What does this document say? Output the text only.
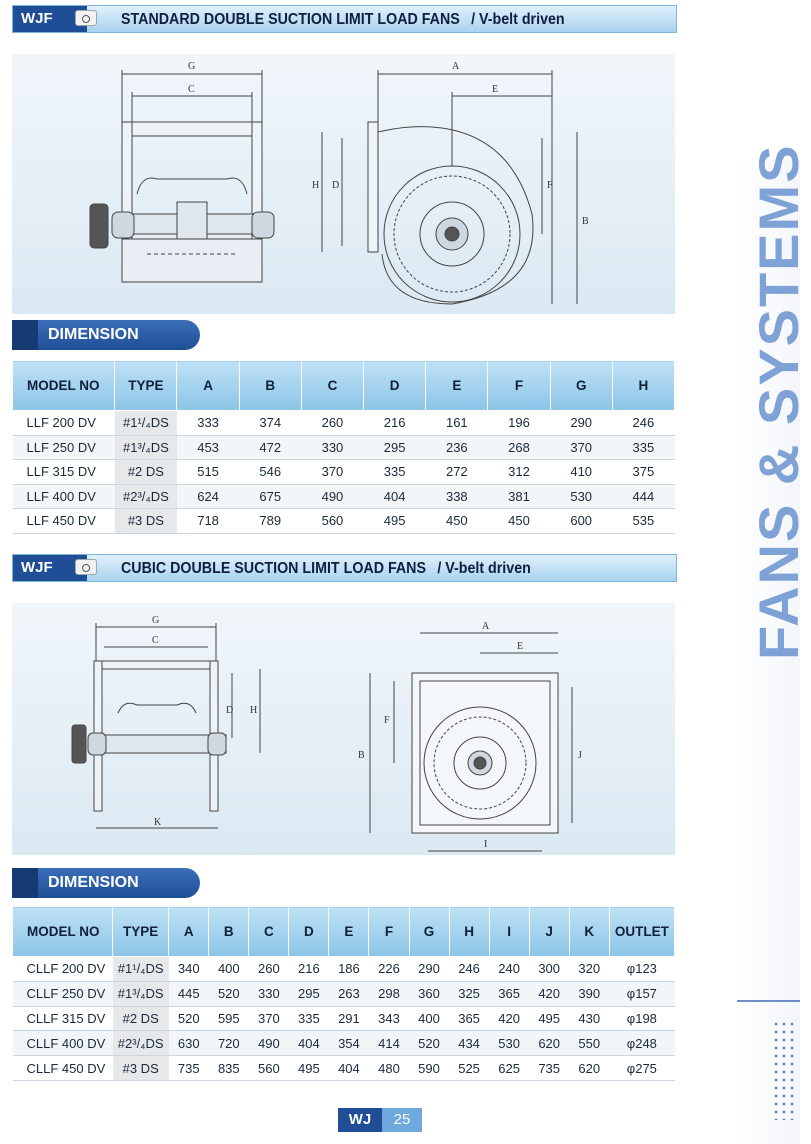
WJF	STANDARD DOUBLE SUCTION LIMIT LOAD FANS / V-belt driven
G
C
A
E
H D	F
B
DIMENSION
MODEL NO	TYPE	A	B	C	D	E	F	G	H
LLF 200 DV	#1¹/₄DS	333	374	260	216	161	196	290	246
LLF 250 DV	#1³/₄DS	453	472	330	295	236	268	370	335
LLF 315 DV	#2 DS	515	546	370	335	272	312	410	375
LLF 400 DV	#2³/₄DS	624	675	490	404	338	381	530	444
LLF 450 DV	#3 DS	718	789	560	495	450	450	600	535
WJF	CUBIC DOUBLE SUCTION LIMIT LOAD FANS / V-belt driven
G
C
D H
K
A
E
F
B	J
I
DIMENSION
MODEL NO	TYPE	A	B	C	D	E	F	G	H	I	J	K	OUTLET
CLLF 200 DV	#1¹/₄DS	340	400	260	216	186	226	290	246	240	300	320	φ123
CLLF 250 DV	#1³/₄DS	445	520	330	295	263	298	360	325	365	420	390	φ157
CLLF 315 DV	#2 DS	520	595	370	335	291	343	400	365	420	495	430	φ198
CLLF 400 DV	#2³/₄DS	630	720	490	404	354	414	520	434	530	620	550	φ248
CLLF 450 DV	#3 DS	735	835	560	495	404	480	590	525	625	735	620	φ275
FANS & SYSTEMS
WJ	25
